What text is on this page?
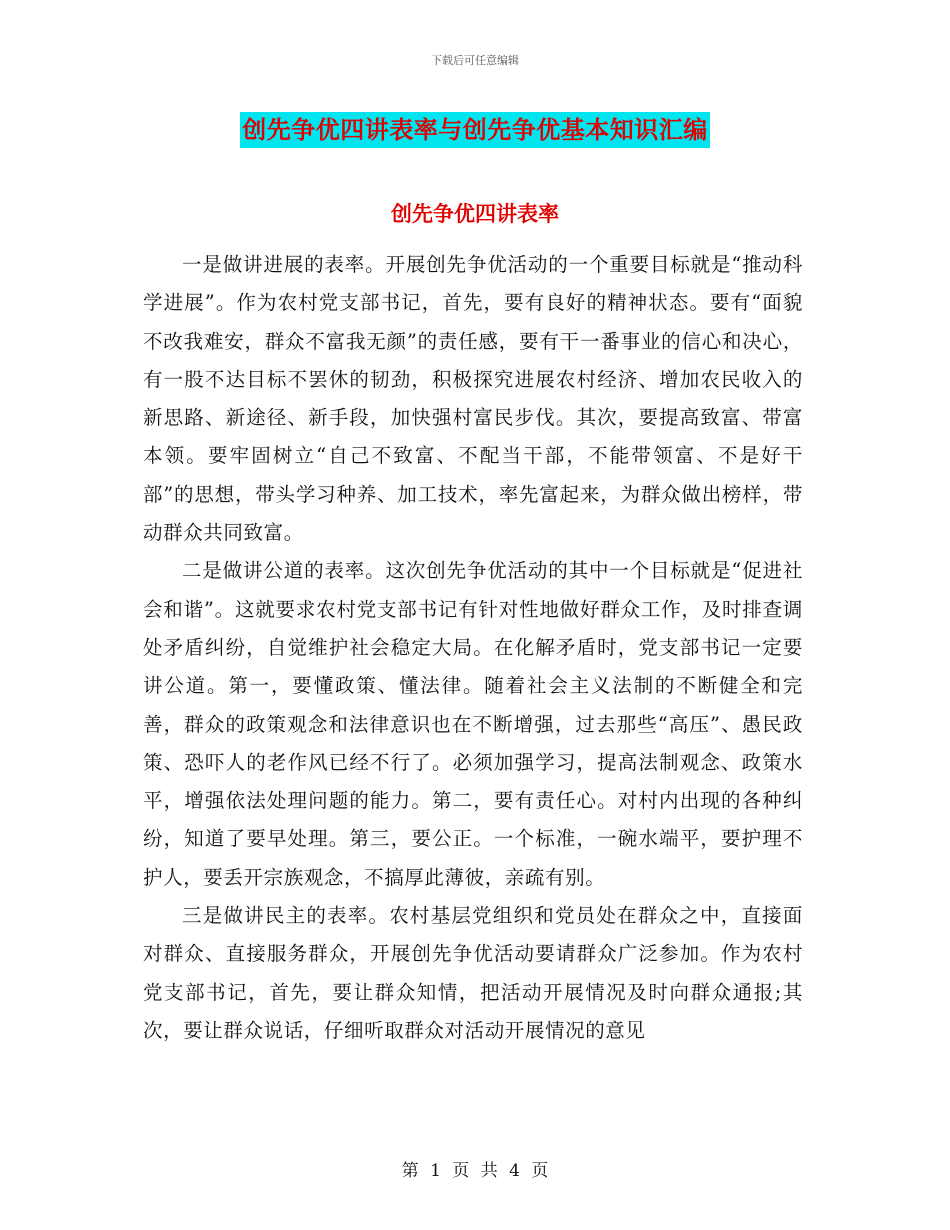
下载后可任意编辑
创先争优四讲表率与创先争优基本知识汇编
创先争优四讲表率

一是做讲进展的表率。开展创先争优活动的一个重要目标就是“推动科学进展”。作为农村党支部书记，首先，要有良好的精神状态。要有“面貌不改我难安，群众不富我无颜”的责任感，要有干一番事业的信心和决心，有一股不达目标不罢休的韧劲，积极探究进展农村经济、增加农民收入的新思路、新途径、新手段，加快强村富民步伐。其次，要提高致富、带富本领。要牢固树立“自己不致富、不配当干部，不能带领富、不是好干部”的思想，带头学习种养、加工技术，率先富起来，为群众做出榜样，带动群众共同致富。

二是做讲公道的表率。这次创先争优活动的其中一个目标就是“促进社会和谐”。这就要求农村党支部书记有针对性地做好群众工作，及时排查调处矛盾纠纷，自觉维护社会稳定大局。在化解矛盾时，党支部书记一定要讲公道。第一，要懂政策、懂法律。随着社会主义法制的不断健全和完善，群众的政策观念和法律意识也在不断增强，过去那些“高压”、愚民政策、恐吓人的老作风已经不行了。必须加强学习，提高法制观念、政策水平，增强依法处理问题的能力。第二，要有责任心。对村内出现的各种纠纷，知道了要早处理。第三，要公正。一个标准，一碗水端平，要护理不护人，要丢开宗族观念，不搞厚此薄彼，亲疏有别。

三是做讲民主的表率。农村基层党组织和党员处在群众之中，直接面对群众、直接服务群众，开展创先争优活动要请群众广泛参加。作为农村党支部书记，首先，要让群众知情，把活动开展情况及时向群众通报;其次，要让群众说话，仔细听取群众对活动开展情况的意见

第 1 页 共 4 页
